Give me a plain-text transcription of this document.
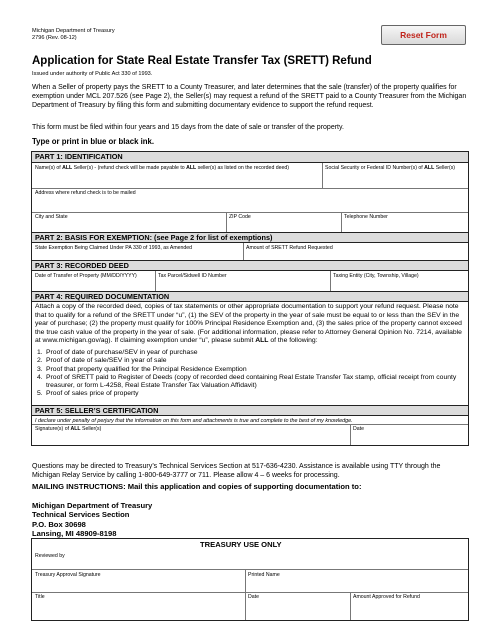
Michigan Department of Treasury
2796 (Rev. 08-12)	Reset Form
Application for State Real Estate Transfer Tax (SRETT) Refund
Issued under authority of Public Act 330 of 1993.
When a Seller of property pays the SRETT to a County Treasurer, and later determines that the sale (transfer) of the property qualifies for exemption under MCL 207.526 (see Page 2), the Seller(s) may request a refund of the SRETT paid to a County Treasurer from the Michigan Department of Treasury by filing this form and submitting documentary evidence to support the refund request.
This form must be filed within four years and 15 days from the date of sale or transfer of the property.
Type or print in blue or black ink.
PART 1: IDENTIFICATION
Name(s) of ALL Seller(s) - (refund check will be made payable to ALL seller(s) as listed on the recorded deed)	Social Security or Federal ID Number(s) of ALL Seller(s)
Address where refund check is to be mailed
City and State	ZIP Code	Telephone Number
PART 2: BASIS FOR EXEMPTION: (see Page 2 for list of exemptions)
State Exemption Being Claimed Under PA 330 of 1993, as Amended	Amount of SRETT Refund Requested
PART 3: RECORDED DEED
Date of Transfer of Property (MM/DD/YYYY)	Tax Parcel/Sidwell ID Number	Taxing Entity (City, Township, Village)
PART 4: REQUIRED DOCUMENTATION
Attach a copy of the recorded deed, copies of tax statements or other appropriate documentation to support your refund request. Please note that to qualify for a refund of the SRETT under “u”, (1) the SEV of the property in the year of sale must be equal to or less than the SEV in the year of purchase; (2) the property must qualify for 100% Principal Residence Exemption and, (3) the sales price of the property cannot exceed the true cash value of the property in the year of sale. (For additional information, please refer to Attorney General Opinion No. 7214, available at www.michigan.gov/ag). If claiming exemption under “u”, please submit ALL of the following:
1. Proof of date of purchase/SEV in year of purchase
2. Proof of date of sale/SEV in year of sale
3. Proof that property qualified for the Principal Residence Exemption
4. Proof of SRETT paid to Register of Deeds (copy of recorded deed containing Real Estate Transfer Tax stamp, official receipt from county treasurer, or form L-4258, Real Estate Transfer Tax Valuation Affidavit)
5. Proof of sales price of property
PART 5: SELLER’S CERTIFICATION
I declare under penalty of perjury that the information on this form and attachments is true and complete to the best of my knowledge.
Signature(s) of ALL Seller(s)	Date
Questions may be directed to Treasury’s Technical Services Section at 517-636-4230. Assistance is available using TTY through the Michigan Relay Service by calling 1-800-649-3777 or 711. Please allow 4 – 6 weeks for processing.
MAILING INSTRUCTIONS: Mail this application and copies of supporting documentation to:
Michigan Department of Treasury
Technical Services Section
P.O. Box 30698
Lansing, MI 48909-8198
TREASURY USE ONLY
Reviewed by
Treasury Approval Signature	Printed Name
Title	Date	Amount Approved for Refund
